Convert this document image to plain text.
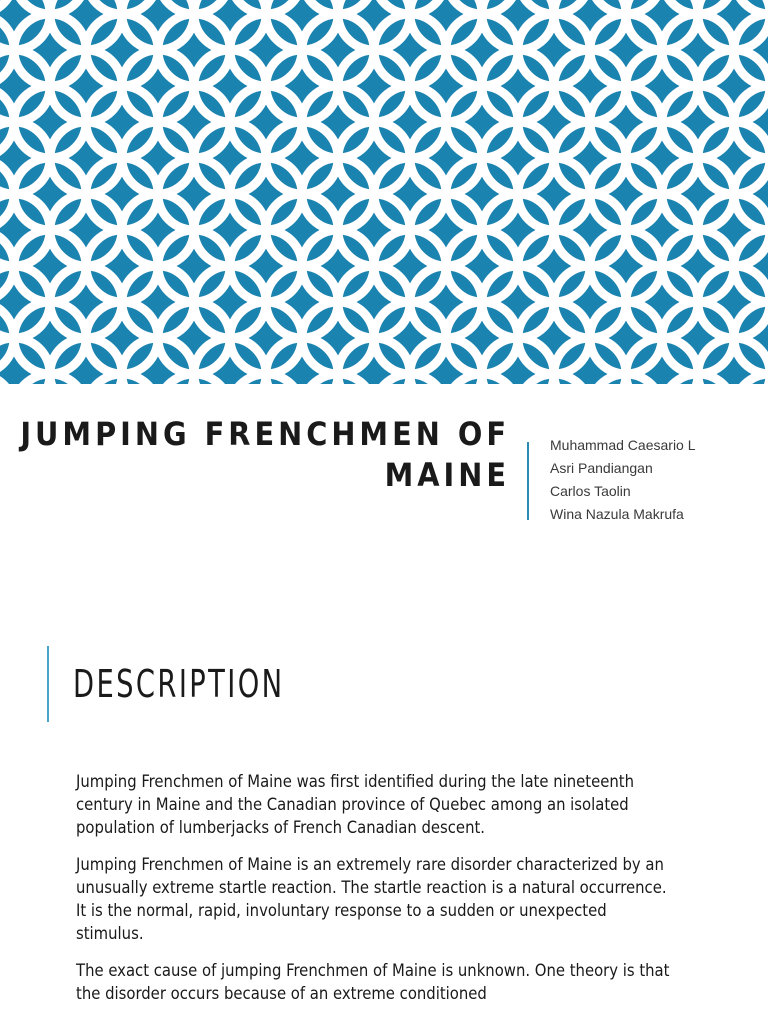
JUMPING FRENCHMEN OF
MAINE
Muhammad Caesario L
Asri Pandiangan
Carlos Taolin
Wina Nazula Makrufa
DESCRIPTION

Jumping Frenchmen of Maine was first identified during the late nineteenth century in Maine and the Canadian province of Quebec among an isolated population of lumberjacks of French Canadian descent.

Jumping Frenchmen of Maine is an extremely rare disorder characterized by an unusually extreme startle reaction. The startle reaction is a natural occurrence. It is the normal, rapid, involuntary response to a sudden or unexpected stimulus.

The exact cause of jumping Frenchmen of Maine is unknown. One theory is that the disorder occurs because of an extreme conditioned
